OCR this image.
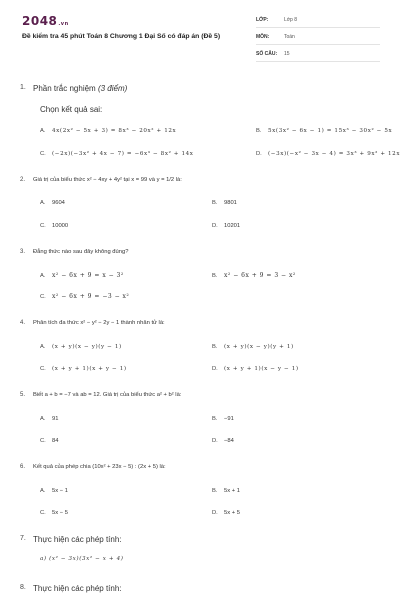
2048.vn
Đề kiểm tra 45 phút Toán 8 Chương 1 Đại Số có đáp án (Đề 5)
LỚP:	Lớp 8
MÔN:	Toán
SỐ CÂU: 15
1. Phần trắc nghiệm (3 điểm)
Chọn kết quả sai:
A. 4x(2x² − 5x + 3) = 8x³ − 20x² + 12x	B. 5x(3x² − 6x − 1) = 15x³ − 30x² − 5x
C. (−2x)(−3x² + 4x − 7) = −6x³ − 8x² + 14x	D. (−3x)(−x² − 3x − 4) = 3x³ + 9x² + 12x
2. Giá trị của biểu thức x² − 4xy + 4y² tại x = 99 và y = 1/2 là:
A. 9604	B. 9801
C. 10000	D. 10201
3. Đẳng thức nào sau đây không đúng?
A. x² − 6x + 9 = x − 3²	B. x² − 6x + 9 = 3 − x²
C. x² − 6x + 9 = −3 − x²
4. Phân tích đa thức x² − y² − 2y − 1 thành nhân tử là:
A. (x + y)(x − y)(y − 1)	B. (x + y)(x − y)(y + 1)
C. (x + y + 1)(x + y − 1)	D. (x + y + 1)(x − y − 1)
5. Biết a + b = −7 và ab = 12. Giá trị của biểu thức a² + b² là:
A. 91	B. −91
C. 84	D. −84
6. Kết quả của phép chia (10x² + 23x − 5) : (2x + 5) là:
A. 5x − 1	B. 5x + 1
C. 5x − 5	D. 5x + 5
7. Thực hiện các phép tính:
a) (x² − 3x)(3x² − x + 4)
8. Thực hiện các phép tính:
